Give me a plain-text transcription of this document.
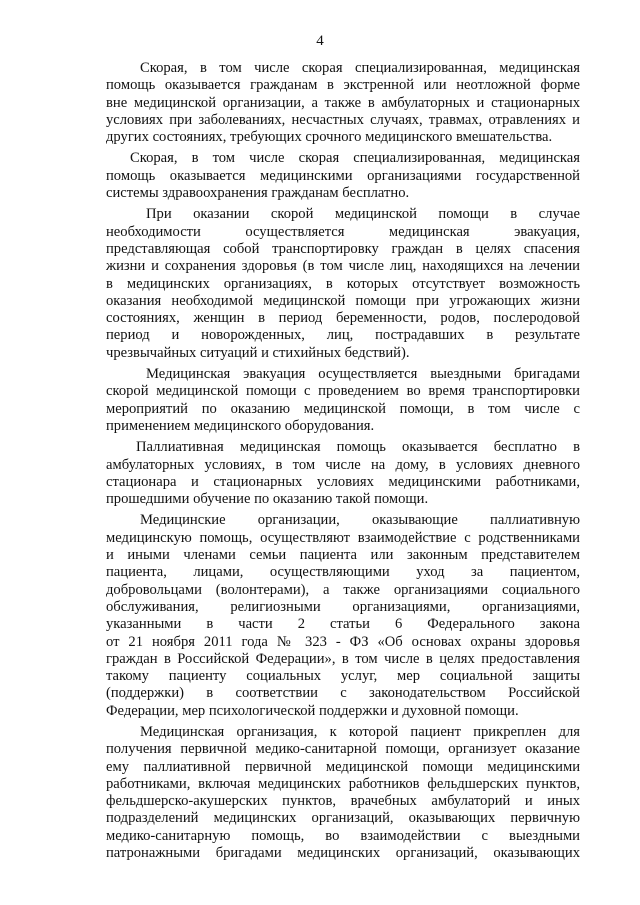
4

Скорая, в том числе скорая специализированная, медицинская
помощь оказывается гражданам в экстренной или неотложной форме
вне медицинской организации, а также в амбулаторных и стационарных
условиях при заболеваниях, несчастных случаях, травмах, отравлениях и
других состояниях, требующих срочного медицинского вмешательства.

Скорая, в том числе скорая специализированная, медицинская
помощь оказывается медицинскими организациями государственной
системы здравоохранения гражданам бесплатно.

При оказании скорой медицинской помощи в случае
необходимости осуществляется медицинская эвакуация,
представляющая собой транспортировку граждан в целях спасения
жизни и сохранения здоровья (в том числе лиц, находящихся на лечении
в медицинских организациях, в которых отсутствует возможность
оказания необходимой медицинской помощи при угрожающих жизни
состояниях, женщин в период беременности, родов, послеродовой
период и новорожденных, лиц, пострадавших в результате
чрезвычайных ситуаций и стихийных бедствий).

Медицинская эвакуация осуществляется выездными бригадами
скорой медицинской помощи с проведением во время транспортировки
мероприятий по оказанию медицинской помощи, в том числе с
применением медицинского оборудования.

Паллиативная медицинская помощь оказывается бесплатно в
амбулаторных условиях, в том числе на дому, в условиях дневного
стационара и стационарных условиях медицинскими работниками,
прошедшими обучение по оказанию такой помощи.

Медицинские организации, оказывающие паллиативную
медицинскую помощь, осуществляют взаимодействие с родственниками
и иными членами семьи пациента или законным представителем
пациента, лицами, осуществляющими уход за пациентом,
добровольцами (волонтерами), а также организациями социального
обслуживания, религиозными организациями, организациями,
указанными в части 2 статьи 6 Федерального закона
от 21 ноября 2011 года № 323 - ФЗ «Об основах охраны здоровья
граждан в Российской Федерации», в том числе в целях предоставления
такому пациенту социальных услуг, мер социальной защиты
(поддержки) в соответствии с законодательством Российской
Федерации, мер психологической поддержки и духовной помощи.

Медицинская организация, к которой пациент прикреплен для
получения первичной медико-санитарной помощи, организует оказание
ему паллиативной первичной медицинской помощи медицинскими
работниками, включая медицинских работников фельдшерских пунктов,
фельдшерско-акушерских пунктов, врачебных амбулаторий и иных
подразделений медицинских организаций, оказывающих первичную
медико-санитарную помощь, во взаимодействии с выездными
патронажными бригадами медицинских организаций, оказывающих
